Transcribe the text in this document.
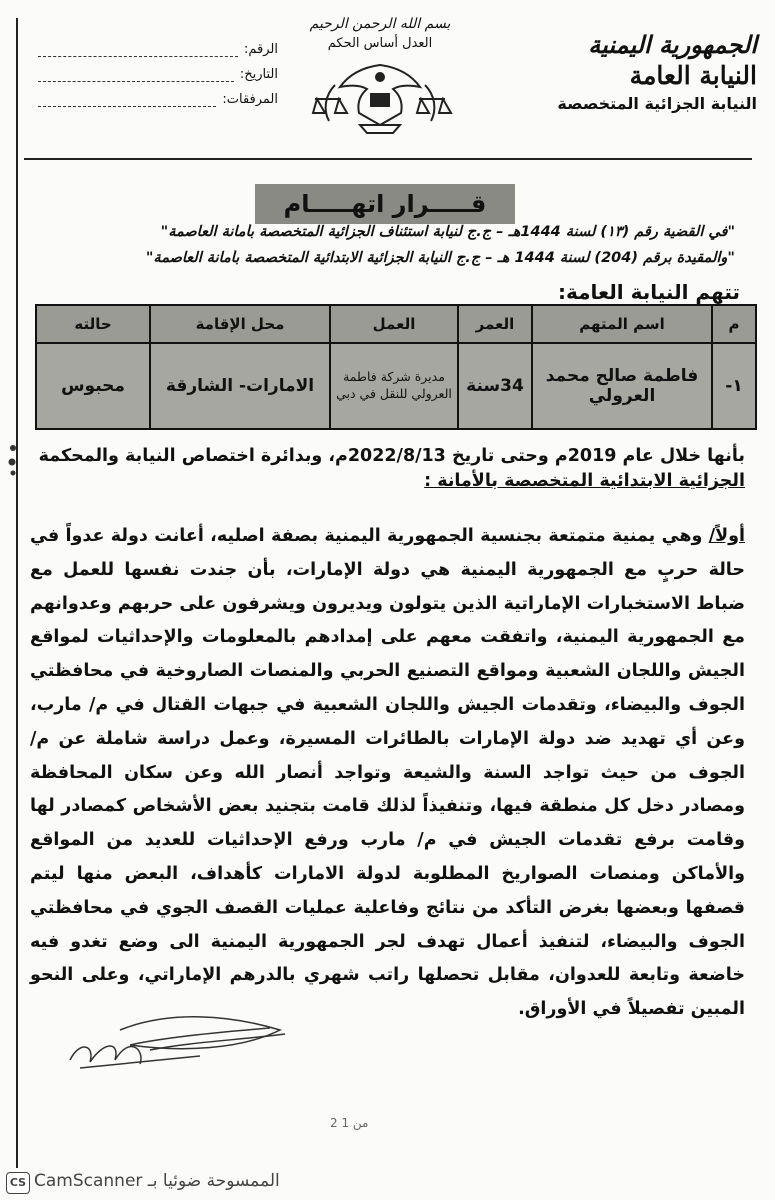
الجمهورية اليمنية
النيابة العامة
النيابة الجزائية المتخصصة
بسم الله الرحمن الرحيم
العدل أساس الحكم
الرقم:
التاريخ:
المرفقات:
قـــــرار اتهـــــام
"في القضية رقم (١٣) لسنة 1444هـ – ج.ج لنيابة استئناف الجزائية المتخصصة بأمانة العاصمة"
"والمقيدة برقم (204) لسنة 1444 هـ – ج.ج النيابة الجزائية الابتدائية المتخصصة بأمانة العاصمة"
تتهم النيابة العامة:
م	اسم المتهم	العمر	العمل	محل الإقامة	حالته
١-	فاطمة صالح محمد العرولي	34سنة	مديرة شركة فاطمة العرولي للنقل في دبي	الامارات- الشارقة	محبوس
بأنها خلال عام 2019م وحتى تاريخ 2022/8/13م، وبدائرة اختصاص النيابة والمحكمة
الجزائية الابتدائية المتخصصة بالأمانة :
أولاً/ وهي يمنية متمتعة بجنسية الجمهورية اليمنية بصفة اصليه، أعانت دولة عدواً في حالة حربٍ مع الجمهورية اليمنية هي دولة الإمارات، بأن جندت نفسها للعمل مع ضباط الاستخبارات الإماراتية الذين يتولون ويديرون ويشرفون على حربهم وعدوانهم مع الجمهورية اليمنية، واتفقت معهم على إمدادهم بالمعلومات والإحداثيات لمواقع الجيش واللجان الشعبية ومواقع التصنيع الحربي والمنصات الصاروخية في محافظتي الجوف والبيضاء، وتقدمات الجيش واللجان الشعبية في جبهات القتال في م/ مارب، وعن أي تهديد ضد دولة الإمارات بالطائرات المسيرة، وعمل دراسة شاملة عن م/الجوف من حيث تواجد السنة والشيعة وتواجد أنصار الله وعن سكان المحافظة ومصادر دخل كل منطقة فيها، وتنفيذاً لذلك قامت بتجنيد بعض الأشخاص كمصادر لها وقامت برفع تقدمات الجيش في م/ مارب ورفع الإحداثيات للعديد من المواقع والأماكن ومنصات الصواريخ المطلوبة لدولة الامارات كأهداف، البعض منها ليتم قصفها وبعضها بغرض التأكد من نتائج وفاعلية عمليات القصف الجوي في محافظتي الجوف والبيضاء، لتنفيذ أعمال تهدف لجر الجمهورية اليمنية الى وضع تغدو فيه خاضعة وتابعة للعدوان، مقابل تحصلها راتب شهري بالدرهم الإماراتي، وعلى النحو المبين تفصيلاً في الأوراق.
2 من 1
CS الممسوحة ضوئيا بـ CamScanner
